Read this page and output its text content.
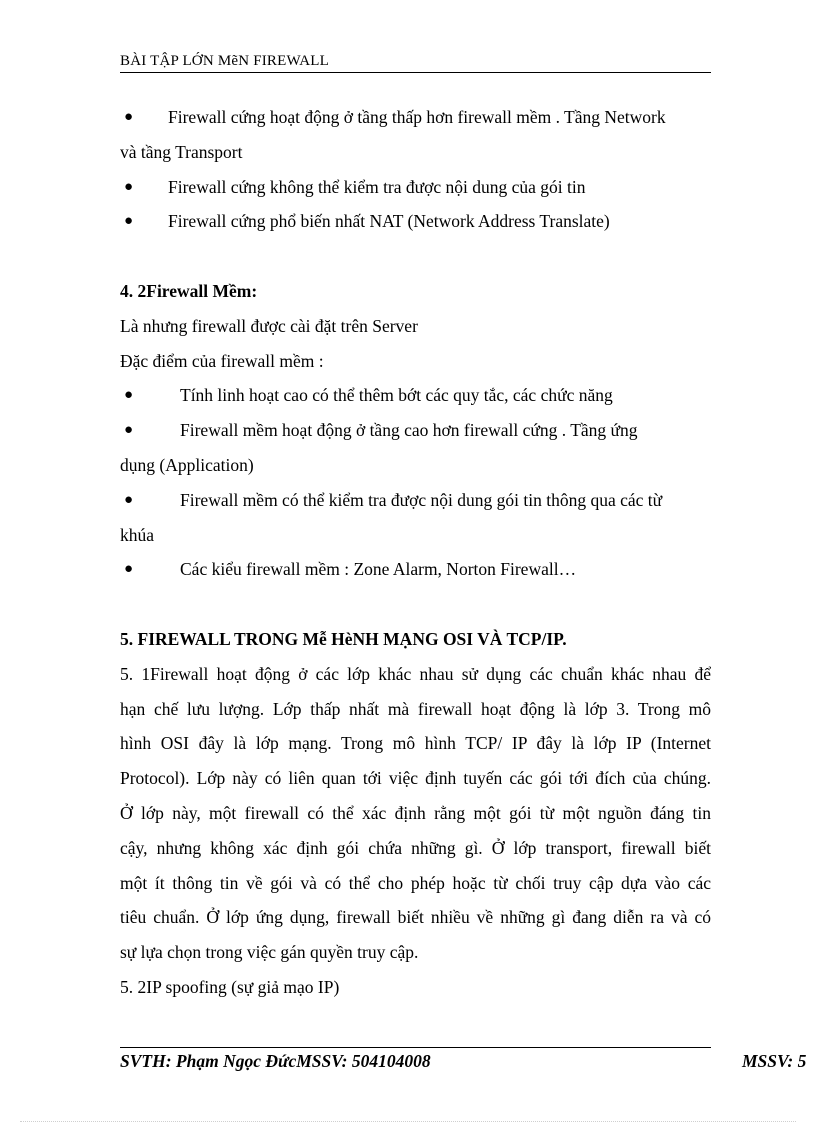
BÀI TẬP LỚN MẽN FIREWALL
● Firewall cứng hoạt động ở tầng thấp hơn firewall mềm . Tầng Network
và tầng Transport
● Firewall cứng không thể kiểm tra được nội dung của gói tin
● Firewall cứng phổ biến nhất NAT (Network Address Translate)
4. 2Firewall Mềm:
Là nhưng firewall được cài đặt trên Server
Đặc điểm của firewall mềm :
●	Tính linh hoạt cao có thể thêm bớt các quy tắc, các chức năng
●	Firewall mềm hoạt động ở tầng cao hơn firewall cứng . Tầng ứng
dụng (Application)
●	Firewall mềm có thể kiểm tra được nội dung gói tin thông qua các từ
khúa
●	Các kiểu firewall mềm : Zone Alarm, Norton Firewall…
5. FIREWALL TRONG Mễ HèNH MẠNG OSI VÀ TCP/IP.
5. 1Firewall hoạt động ở các lớp khác nhau sử dụng các chuẩn khác nhau để
hạn chế lưu lượng. Lớp thấp nhất mà firewall hoạt động là lớp 3. Trong mô
hình OSI đây là lớp mạng. Trong mô hình TCP/ IP đây là lớp IP (Internet
Protocol). Lớp này có liên quan tới việc định tuyến các gói tới đích của chúng.
Ở lớp này, một firewall có thể xác định rằng một gói từ một nguồn đáng tin
cậy, nhưng không xác định gói chứa những gì. Ở lớp transport, firewall biết
một ít thông tin về gói và có thể cho phép hoặc từ chối truy cập dựa vào các
tiêu chuẩn. Ở lớp ứng dụng, firewall biết nhiều về những gì đang diễn ra và có
sự lựa chọn trong việc gán quyền truy cập.
5. 2IP spoofing (sự giả mạo IP)
SVTH: Phạm Ngọc ĐứcMSSV: 504104008	MSSV: 5
